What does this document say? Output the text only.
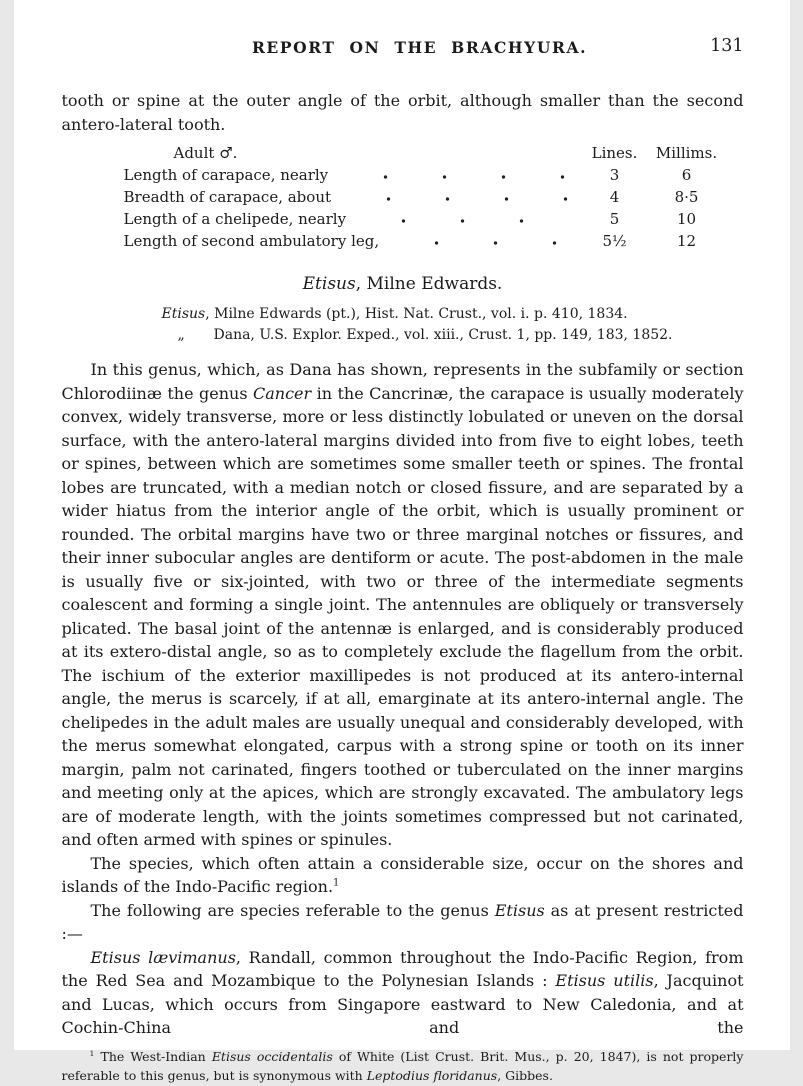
REPORT ON THE BRACHYURA.	131

tooth or spine at the outer angle of the orbit, although smaller than the second antero-lateral tooth.

Adult ♂.	Lines.	Millims.
Length of carapace, nearly	3	6
Breadth of carapace, about	4	8·5
Length of a chelipede, nearly	5	10
Length of second ambulatory leg,	5½	12
Etisus, Milne Edwards.
Etisus, Milne Edwards (pt.), Hist. Nat. Crust., vol. i. p. 410, 1834.
„ Dana, U.S. Explor. Exped., vol. xiii., Crust. 1, pp. 149, 183, 1852.

In this genus, which, as Dana has shown, represents in the subfamily or section Chlorodiinæ the genus Cancer in the Cancrinæ, the carapace is usually moderately convex, widely transverse, more or less distinctly lobulated or uneven on the dorsal surface, with the antero-lateral margins divided into from five to eight lobes, teeth or spines, between which are sometimes some smaller teeth or spines. The frontal lobes are truncated, with a median notch or closed fissure, and are separated by a wider hiatus from the interior angle of the orbit, which is usually prominent or rounded. The orbital margins have two or three marginal notches or fissures, and their inner subocular angles are dentiform or acute. The post-abdomen in the male is usually five or six-jointed, with two or three of the intermediate segments coalescent and forming a single joint. The antennules are obliquely or transversely plicated. The basal joint of the antennæ is enlarged, and is considerably produced at its extero-distal angle, so as to completely exclude the flagellum from the orbit. The ischium of the exterior maxillipedes is not produced at its antero-internal angle, the merus is scarcely, if at all, emarginate at its antero-internal angle. The chelipedes in the adult males are usually unequal and considerably developed, with the merus somewhat elongated, carpus with a strong spine or tooth on its inner margin, palm not carinated, fingers toothed or tuberculated on the inner margins and meeting only at the apices, which are strongly excavated. The ambulatory legs are of moderate length, with the joints sometimes compressed but not carinated, and often armed with spines or spinules.

The species, which often attain a considerable size, occur on the shores and islands of the Indo-Pacific region.$^1$

The following are species referable to the genus Etisus as at present restricted :—

Etisus lævimanus, Randall, common throughout the Indo-Pacific Region, from the Red Sea and Mozambique to the Polynesian Islands : Etisus utilis, Jacquinot and Lucas, which occurs from Singapore eastward to New Caledonia, and at Cochin-China and the

$^1$ The West-Indian Etisus occidentalis of White (List Crust. Brit. Mus., p. 20, 1847), is not properly referable to this genus, but is synonymous with Leptodius floridanus, Gibbes.
